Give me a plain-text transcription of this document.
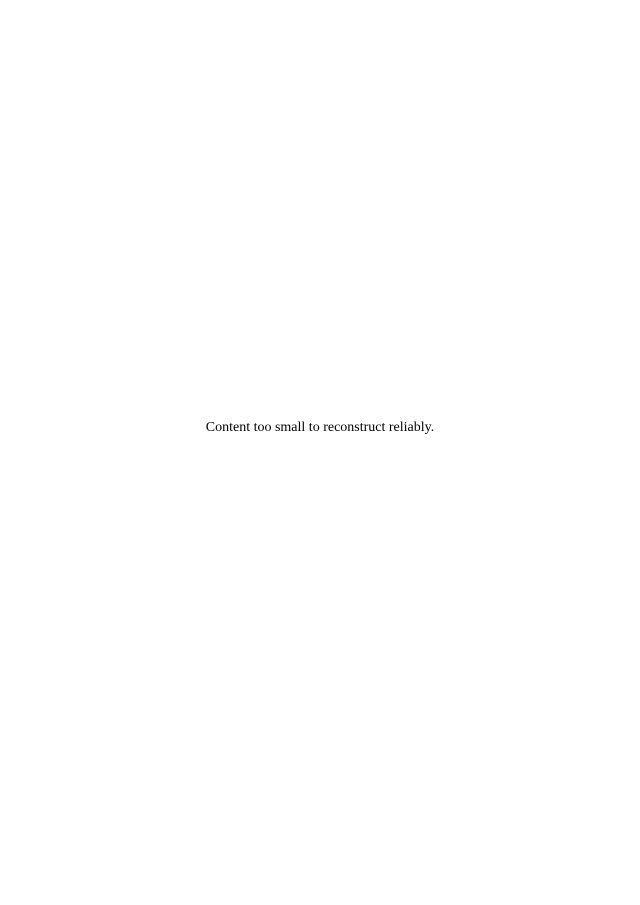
Content too small to reconstruct reliably.
